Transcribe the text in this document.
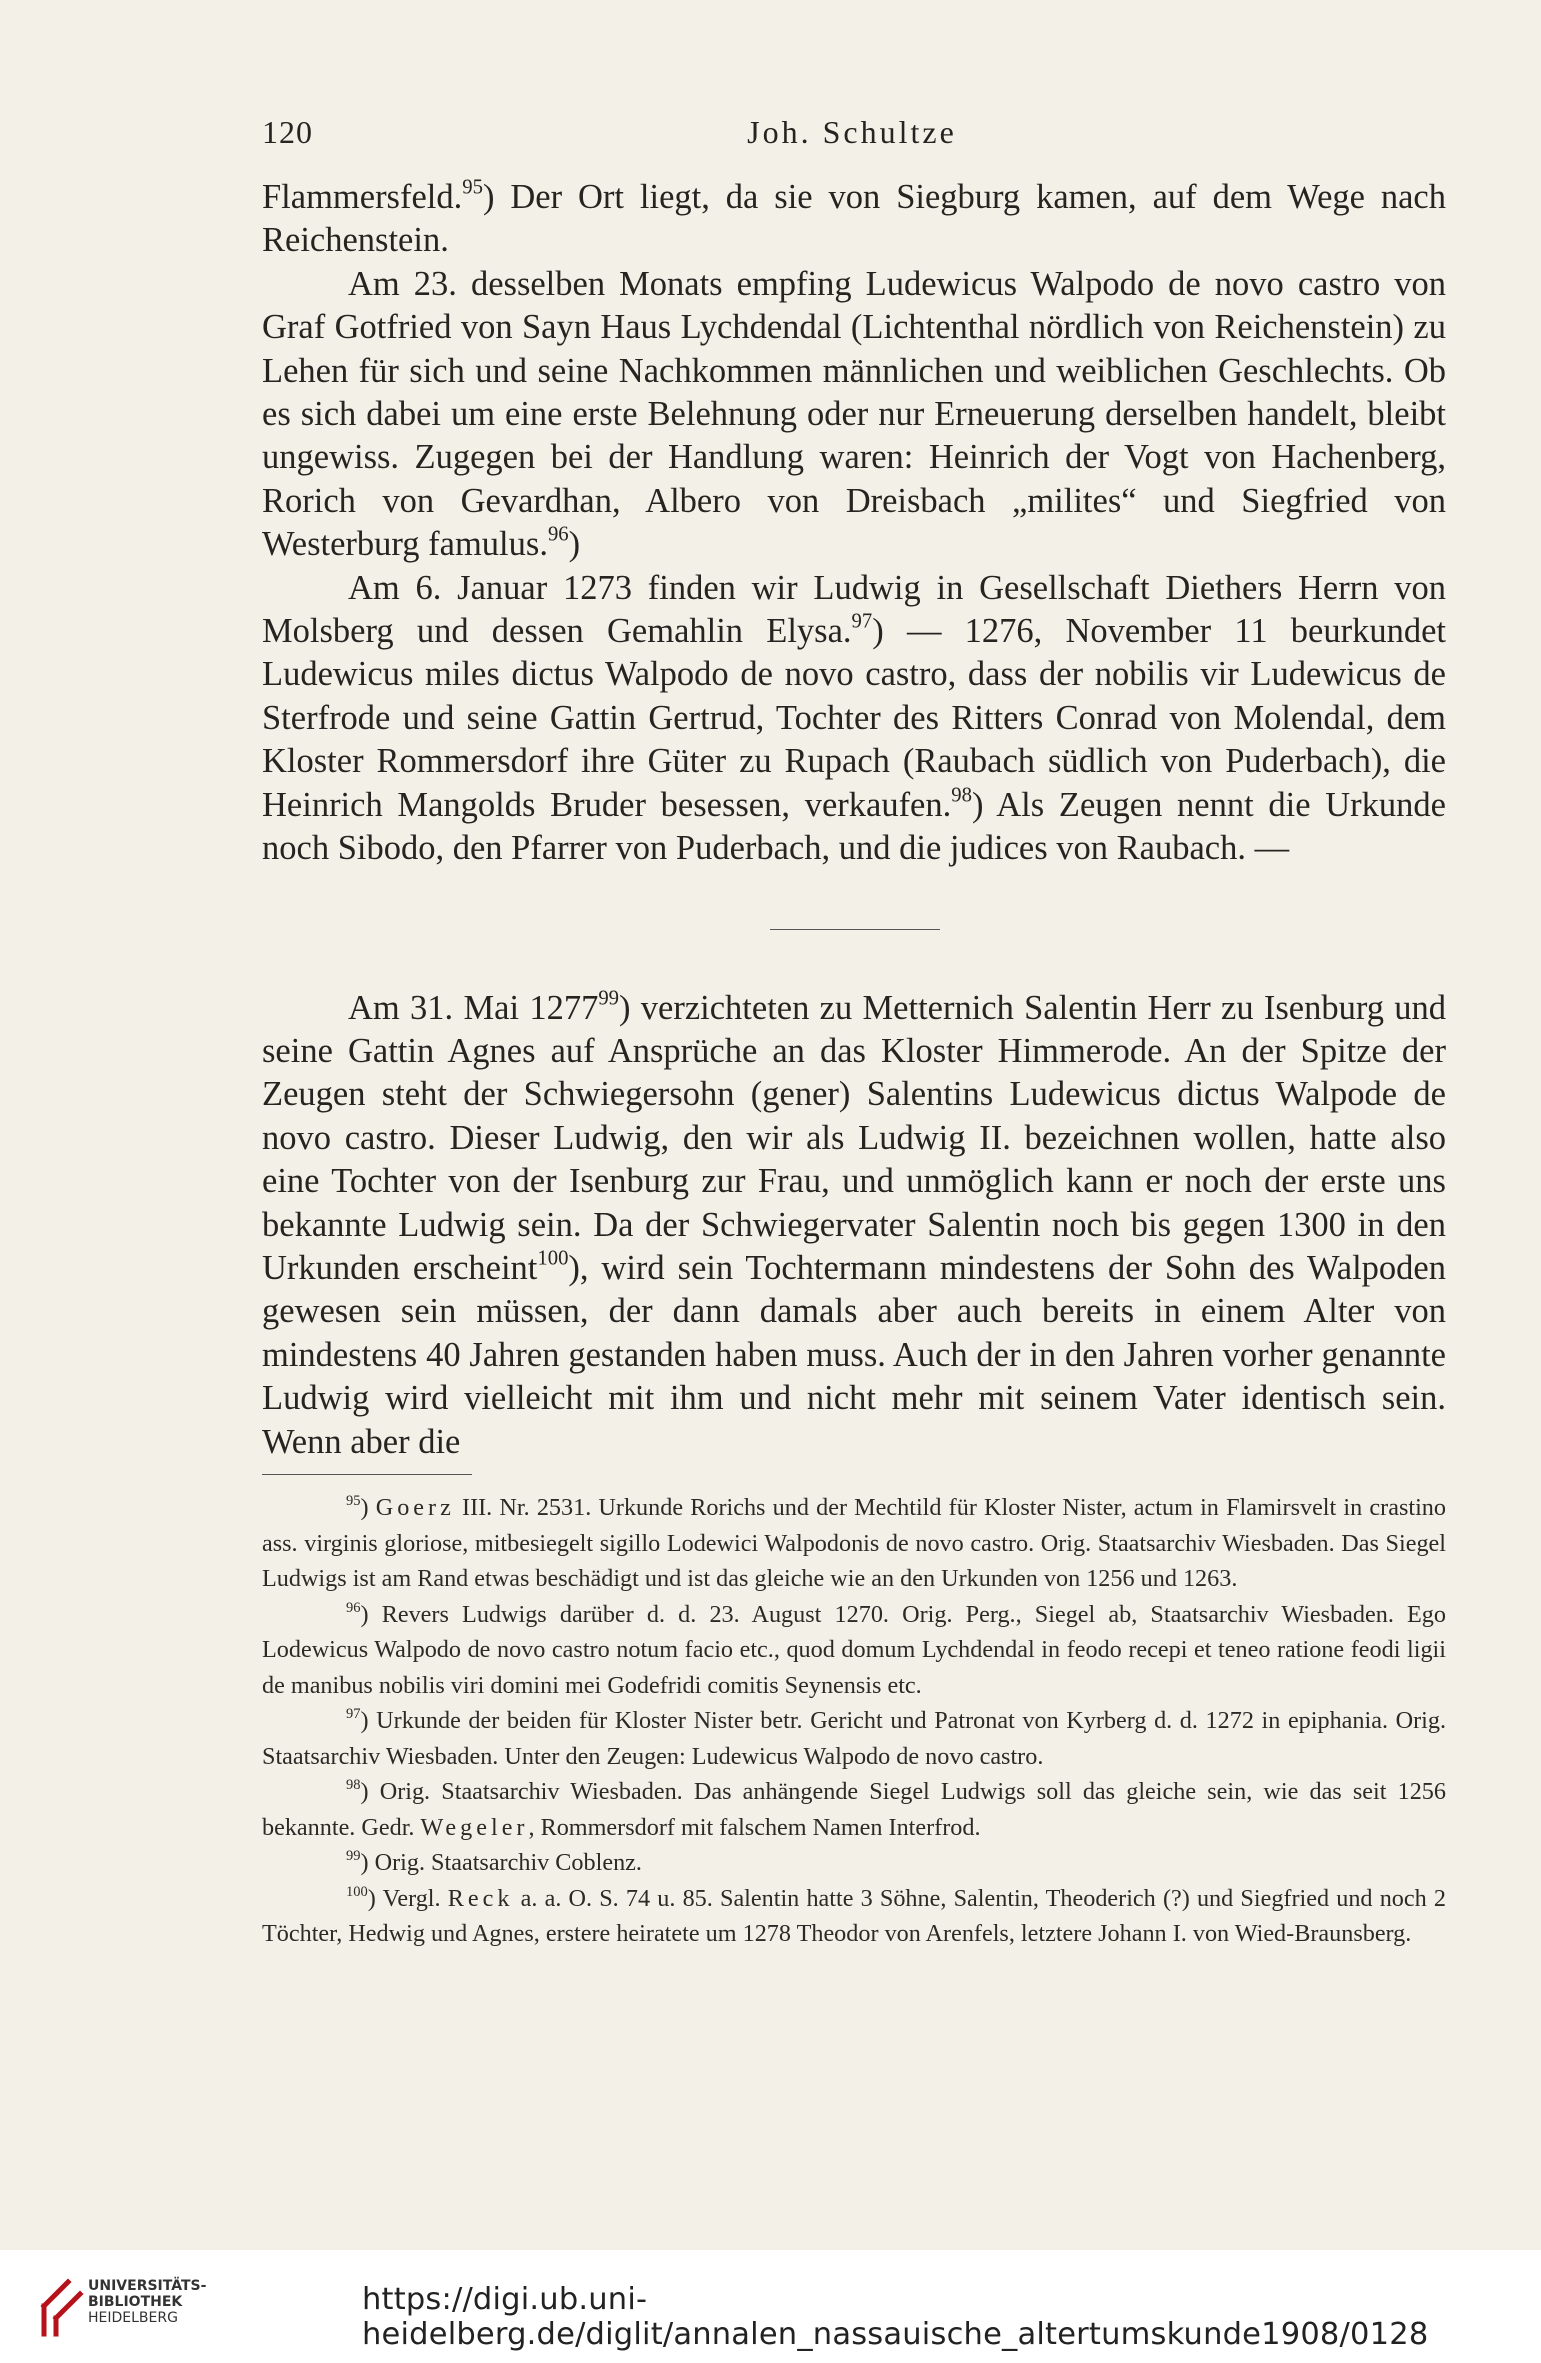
120	Joh. Schultze

Flammersfeld.$^{95}$) Der Ort liegt, da sie von Siegburg kamen, auf dem Wege nach Reichenstein.

Am 23. desselben Monats empfing Ludewicus Walpodo de novo castro von Graf Gotfried von Sayn Haus Lychdendal (Lichtenthal nördlich von Reichenstein) zu Lehen für sich und seine Nachkommen männlichen und weiblichen Geschlechts. Ob es sich dabei um eine erste Belehnung oder nur Erneuerung derselben handelt, bleibt ungewiss. Zugegen bei der Handlung waren: Heinrich der Vogt von Hachenberg, Rorich von Gevardhan, Albero von Dreisbach „milites“ und Siegfried von Westerburg famulus.$^{96}$)

Am 6. Januar 1273 finden wir Ludwig in Gesellschaft Diethers Herrn von Molsberg und dessen Gemahlin Elysa.$^{97}$) — 1276, November 11 beurkundet Ludewicus miles dictus Walpodo de novo castro, dass der nobilis vir Ludewicus de Sterfrode und seine Gattin Gertrud, Tochter des Ritters Conrad von Molendal, dem Kloster Rommersdorf ihre Güter zu Rupach (Raubach südlich von Puderbach), die Heinrich Mangolds Bruder besessen, verkaufen.$^{98}$) Als Zeugen nennt die Urkunde noch Sibodo, den Pfarrer von Puderbach, und die judices von Raubach. —

Am 31. Mai 1277$^{99}$) verzichteten zu Metternich Salentin Herr zu Isenburg und seine Gattin Agnes auf Ansprüche an das Kloster Himmerode. An der Spitze der Zeugen steht der Schwiegersohn (gener) Salentins Ludewicus dictus Walpode de novo castro. Dieser Ludwig, den wir als Ludwig II. bezeichnen wollen, hatte also eine Tochter von der Isenburg zur Frau, und unmöglich kann er noch der erste uns bekannte Ludwig sein. Da der Schwiegervater Salentin noch bis gegen 1300 in den Urkunden erscheint$^{100}$), wird sein Tochtermann mindestens der Sohn des Walpoden gewesen sein müssen, der dann damals aber auch bereits in einem Alter von mindestens 40 Jahren gestanden haben muss. Auch der in den Jahren vorher genannte Ludwig wird vielleicht mit ihm und nicht mehr mit seinem Vater identisch sein. Wenn aber die

$^{95}$) Goerz III. Nr. 2531. Urkunde Rorichs und der Mechtild für Kloster Nister, actum in Flamirsvelt in crastino ass. virginis gloriose, mitbesiegelt sigillo Lodewici Walpodonis de novo castro. Orig. Staatsarchiv Wiesbaden. Das Siegel Ludwigs ist am Rand etwas beschädigt und ist das gleiche wie an den Urkunden von 1256 und 1263.

$^{96}$) Revers Ludwigs darüber d. d. 23. August 1270. Orig. Perg., Siegel ab, Staatsarchiv Wiesbaden. Ego Lodewicus Walpodo de novo castro notum facio etc., quod domum Lychdendal in feodo recepi et teneo ratione feodi ligii de manibus nobilis viri domini mei Godefridi comitis Seynensis etc.

$^{97}$) Urkunde der beiden für Kloster Nister betr. Gericht und Patronat von Kyrberg d. d. 1272 in epiphania. Orig. Staatsarchiv Wiesbaden. Unter den Zeugen: Ludewicus Walpodo de novo castro.

$^{98}$) Orig. Staatsarchiv Wiesbaden. Das anhängende Siegel Ludwigs soll das gleiche sein, wie das seit 1256 bekannte. Gedr. Wegeler, Rommersdorf mit falschem Namen Interfrod.

$^{99}$) Orig. Staatsarchiv Coblenz.

$^{100}$) Vergl. Reck a. a. O. S. 74 u. 85. Salentin hatte 3 Söhne, Salentin, Theoderich (?) und Siegfried und noch 2 Töchter, Hedwig und Agnes, erstere heiratete um 1278 Theodor von Arenfels, letztere Johann I. von Wied-Braunsberg.

UNIVERSITÄTS-
BIBLIOTHEK
HEIDELBERG
https://digi.ub.uni-heidelberg.de/diglit/annalen_nassauische_altertumskunde1908/0128
